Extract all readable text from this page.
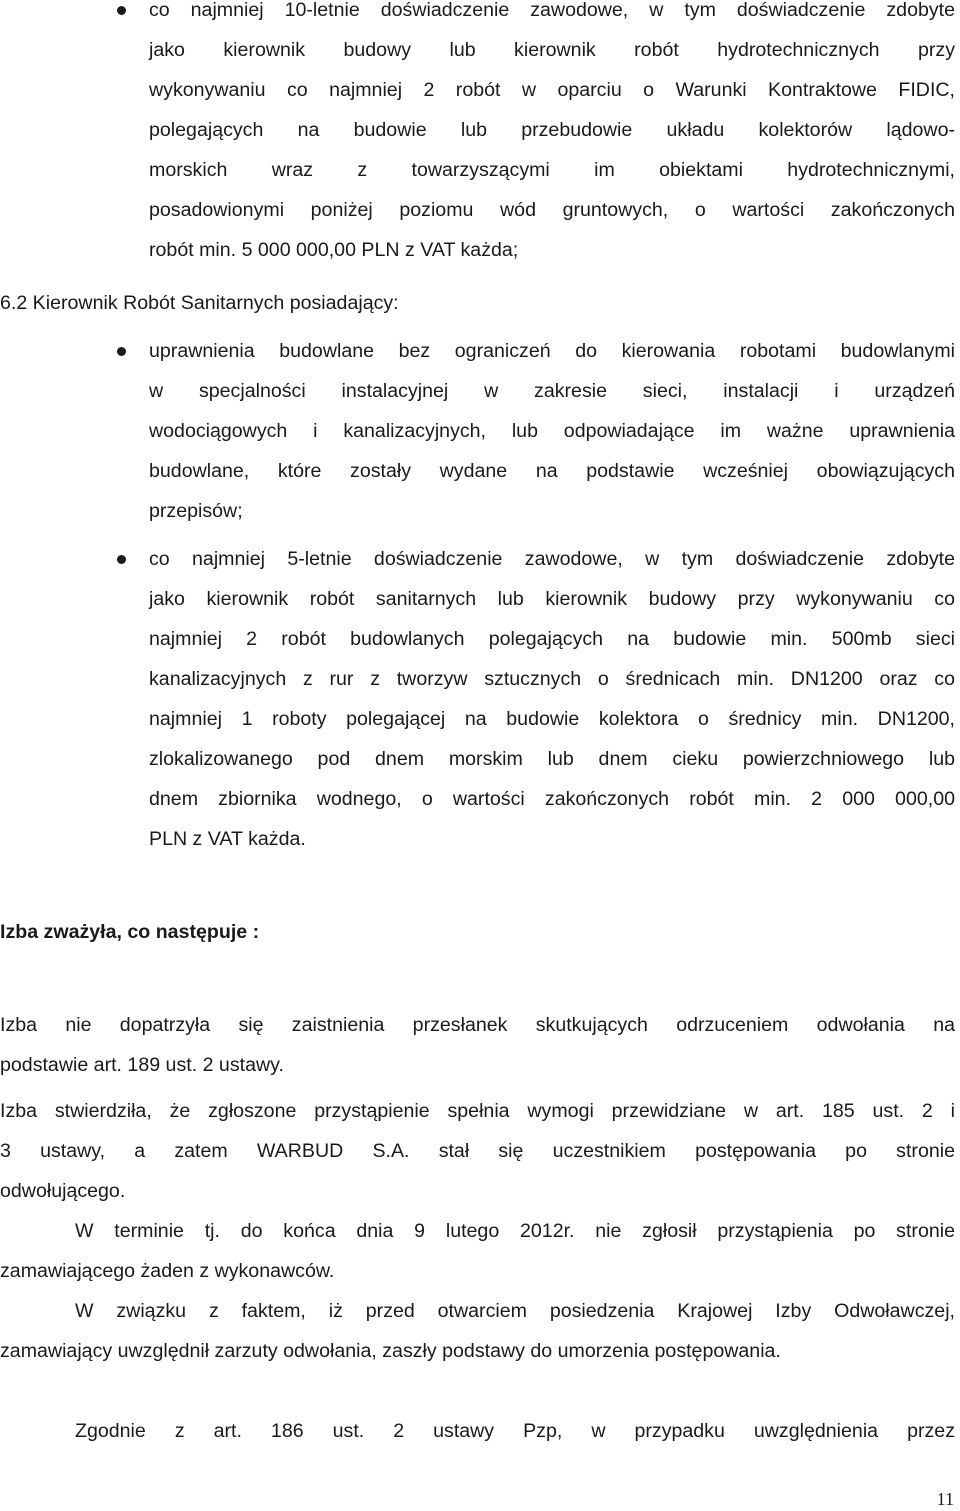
co najmniej 10-letnie doświadczenie zawodowe, w tym doświadczenie zdobyte
jako kierownik budowy lub kierownik robót hydrotechnicznych przy
wykonywaniu co najmniej 2 robót w oparciu o Warunki Kontraktowe FIDIC,
polegających na budowie lub przebudowie układu kolektorów lądowo-
morskich wraz z towarzyszącymi im obiektami hydrotechnicznymi,
posadowionymi poniżej poziomu wód gruntowych, o wartości zakończonych
robót min. 5 000 000,00 PLN z VAT każda;
6.2 Kierownik Robót Sanitarnych posiadający:
uprawnienia budowlane bez ograniczeń do kierowania robotami budowlanymi
w specjalności instalacyjnej w zakresie sieci, instalacji i urządzeń
wodociągowych i kanalizacyjnych, lub odpowiadające im ważne uprawnienia
budowlane, które zostały wydane na podstawie wcześniej obowiązujących
przepisów;
co najmniej 5-letnie doświadczenie zawodowe, w tym doświadczenie zdobyte
jako kierownik robót sanitarnych lub kierownik budowy przy wykonywaniu co
najmniej 2 robót budowlanych polegających na budowie min. 500mb sieci
kanalizacyjnych z rur z tworzyw sztucznych o średnicach min. DN1200 oraz co
najmniej 1 roboty polegającej na budowie kolektora o średnicy min. DN1200,
zlokalizowanego pod dnem morskim lub dnem cieku powierzchniowego lub
dnem zbiornika wodnego, o wartości zakończonych robót min. 2 000 000,00
PLN z VAT każda.
Izba zważyła, co następuje :
Izba nie dopatrzyła się zaistnienia przesłanek skutkujących odrzuceniem odwołania na
podstawie art. 189 ust. 2 ustawy.
Izba stwierdziła, że zgłoszone przystąpienie spełnia wymogi przewidziane w art. 185 ust. 2 i
3 ustawy, a zatem WARBUD S.A. stał się uczestnikiem postępowania po stronie
odwołującego.
W terminie tj. do końca dnia 9 lutego 2012r. nie zgłosił przystąpienia po stronie
zamawiającego żaden z wykonawców.
W związku z faktem, iż przed otwarciem posiedzenia Krajowej Izby Odwoławczej,
zamawiający uwzględnił zarzuty odwołania, zaszły podstawy do umorzenia postępowania.
Zgodnie z art. 186 ust. 2 ustawy Pzp, w przypadku uwzględnienia przez
11
